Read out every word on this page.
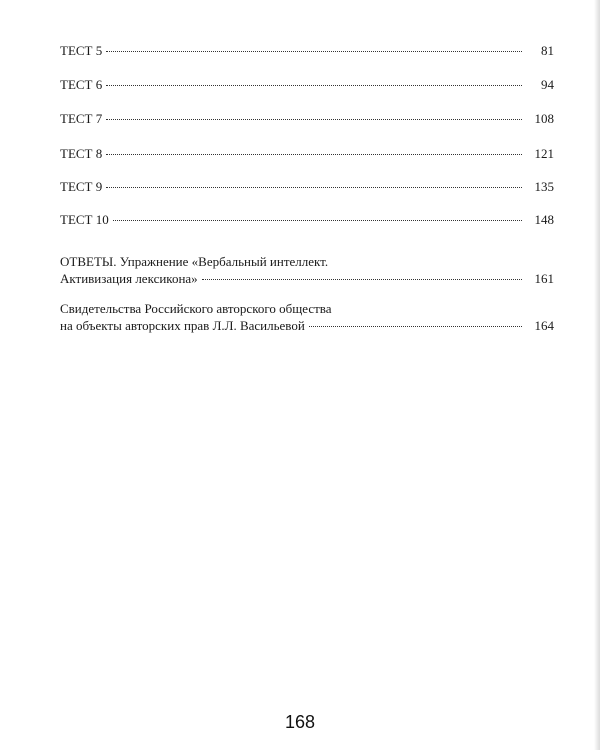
ТЕСТ 5	81
ТЕСТ 6	94
ТЕСТ 7	108
ТЕСТ 8	121
ТЕСТ 9	135
ТЕСТ 10	148
ОТВЕТЫ. Упражнение «Вербальный интеллект.
Активизация лексикона»	161
Свидетельства Российского авторского общества
на объекты авторских прав Л.Л. Васильевой	164
168
